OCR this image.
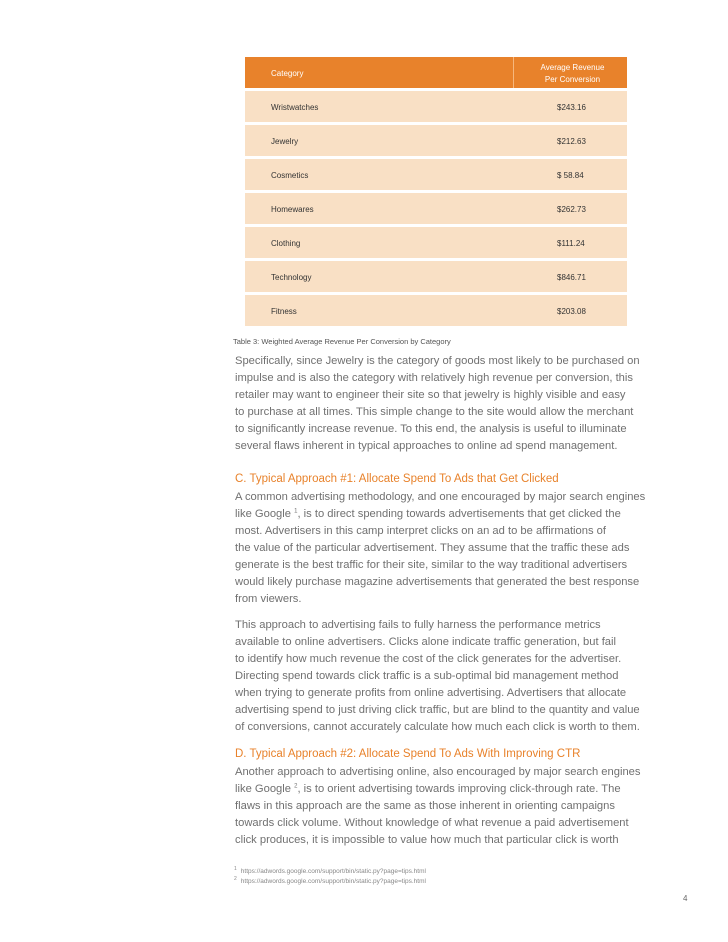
Category
Average Revenue
Per Conversion
Wristwatches	$243.16
Jewelry	$212.63
Cosmetics	$ 58.84
Homewares	$262.73
Clothing	$111.24
Technology	$846.71
Fitness	$203.08
Table 3: Weighted Average Revenue Per Conversion by Category

Specifically, since Jewelry is the category of goods most likely to be purchased on

impulse and is also the category with relatively high revenue per conversion, this

retailer may want to engineer their site so that jewelry is highly visible and easy

to purchase at all times. This simple change to the site would allow the merchant

to significantly increase revenue. To this end, the analysis is useful to illuminate

several flaws inherent in typical approaches to online ad spend management.

C. Typical Approach #1: Allocate Spend To Ads that Get Clicked

A common advertising methodology, and one encouraged by major search engines

like Google $^1$, is to direct spending towards advertisements that get clicked the

most. Advertisers in this camp interpret clicks on an ad to be affirmations of

the value of the particular advertisement. They assume that the traffic these ads

generate is the best traffic for their site, similar to the way traditional advertisers

would likely purchase magazine advertisements that generated the best response

from viewers.

This approach to advertising fails to fully harness the performance metrics

available to online advertisers. Clicks alone indicate traffic generation, but fail

to identify how much revenue the cost of the click generates for the advertiser.

Directing spend towards click traffic is a sub-optimal bid management method

when trying to generate profits from online advertising. Advertisers that allocate

advertising spend to just driving click traffic, but are blind to the quantity and value

of conversions, cannot accurately calculate how much each click is worth to them.

D. Typical Approach #2: Allocate Spend To Ads With Improving CTR

Another approach to advertising online, also encouraged by major search engines

like Google $^2$, is to orient advertising towards improving click-through rate. The

flaws in this approach are the same as those inherent in orienting campaigns

towards click volume. Without knowledge of what revenue a paid advertisement

click produces, it is impossible to value how much that particular click is worth

$^1$ https://adwords.google.com/support/bin/static.py?page=tips.html
$^2$ https://adwords.google.com/support/bin/static.py?page=tips.html
4
